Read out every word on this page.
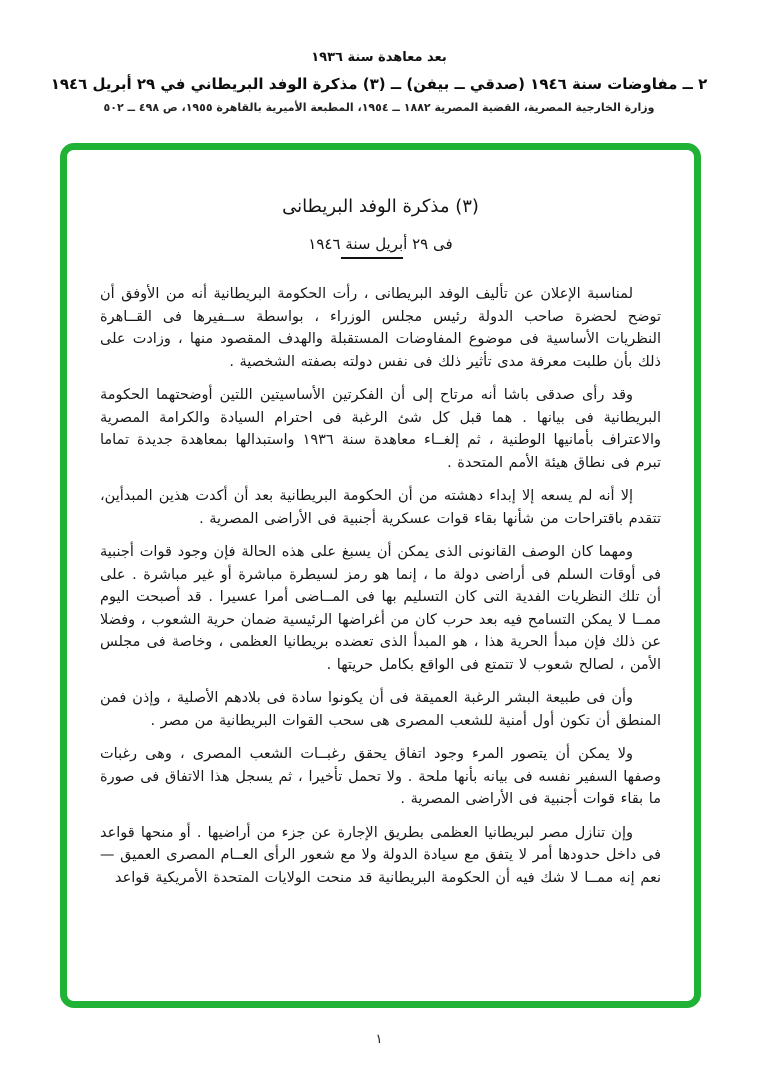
بعد معاهدة سنة ١٩٣٦

٢ ــ مفاوضات سنة ١٩٤٦ (صدقي ــ بيفن) ــ (٣) مذكرة الوفد البريطاني في ٢٩ أبريل ١٩٤٦

وزارة الخارجية المصرية، القضية المصرية ١٨٨٢ ــ ١٩٥٤، المطبعة الأميرية بالقاهرة ١٩٥٥، ص ٤٩٨ ــ ٥٠٢

(٣) مذكرة الوفد البريطانى

فى ٢٩ أبريل سنة ١٩٤٦

لمناسبة الإعلان عن تأليف الوفد البريطانى ، رأت الحكومة البريطانية أنه من الأوفق أن توضح لحضرة صاحب الدولة رئيس مجلس الوزراء ، بواسطة ســفيرها فى القــاهرة النظريات الأساسية فى موضوع المفاوضات المستقبلة والهدف المقصود منها ، وزادت على ذلك بأن طلبت معرفة مدى تأثير ذلك فى نفس دولته بصفته الشخصية .

وقد رأى صدقى باشا أنه مرتاح إلى أن الفكرتين الأساسيتين اللتين أوضحتهما الحكومة البريطانية فى بيانها . هما قبل كل شئ الرغبة فى احترام السيادة والكرامة المصرية والاعتراف بأمانيها الوطنية ، ثم إلغــاء معاهدة سنة ١٩٣٦ واستبدالها بمعاهدة جديدة تماما تبرم فى نطاق هيئة الأمم المتحدة .

إلا أنه لم يسعه إلا إبداء دهشته من أن الحكومة البريطانية بعد أن أكدت هذين المبدأين، تتقدم باقتراحات من شأنها بقاء قوات عسكرية أجنبية فى الأراضى المصرية .

ومهما كان الوصف القانونى الذى يمكن أن يسبغ على هذه الحالة فإن وجود قوات أجنبية فى أوقات السلم فى أراضى دولة ما ، إنما هو رمز لسيطرة مباشرة أو غير مباشرة . على أن تلك النظريات الفدية التى كان التسليم بها فى المــاضى أمرا عسيرا . قد أصبحت اليوم ممــا لا يمكن التسامح فيه بعد حرب كان من أغراضها الرئيسية ضمان حرية الشعوب ، وفضلا عن ذلك فإن مبدأ الحرية هذا ، هو المبدأ الذى تعضده بريطانيا العظمى ، وخاصة فى مجلس الأمن ، لصالح شعوب لا تتمتع فى الواقع بكامل حريتها .

وأن فى طبيعة البشر الرغبة العميقة فى أن يكونوا سادة فى بلادهم الأصلية ، وإذن فمن المنطق أن تكون أول أمنية للشعب المصرى هى سحب القوات البريطانية من مصر .

ولا يمكن أن يتصور المرء وجود اتفاق يحقق رغبــات الشعب المصرى ، وهى رغبات وصفها السفير نفسه فى بيانه بأنها ملحة . ولا تحمل تأخيرا ، ثم يسجل هذا الاتفاق فى صورة ما بقاء قوات أجنبية فى الأراضى المصرية .

وإن تنازل مصر لبريطانيا العظمى بطريق الإجارة عن جزء من أراضيها . أو منحها قواعد فى داخل حدودها أمر لا يتفق مع سيادة الدولة ولا مع شعور الرأى العــام المصرى العميق — نعم إنه ممــا لا شك فيه أن الحكومة البريطانية قد منحت الولايات المتحدة الأمريكية قواعد

١
